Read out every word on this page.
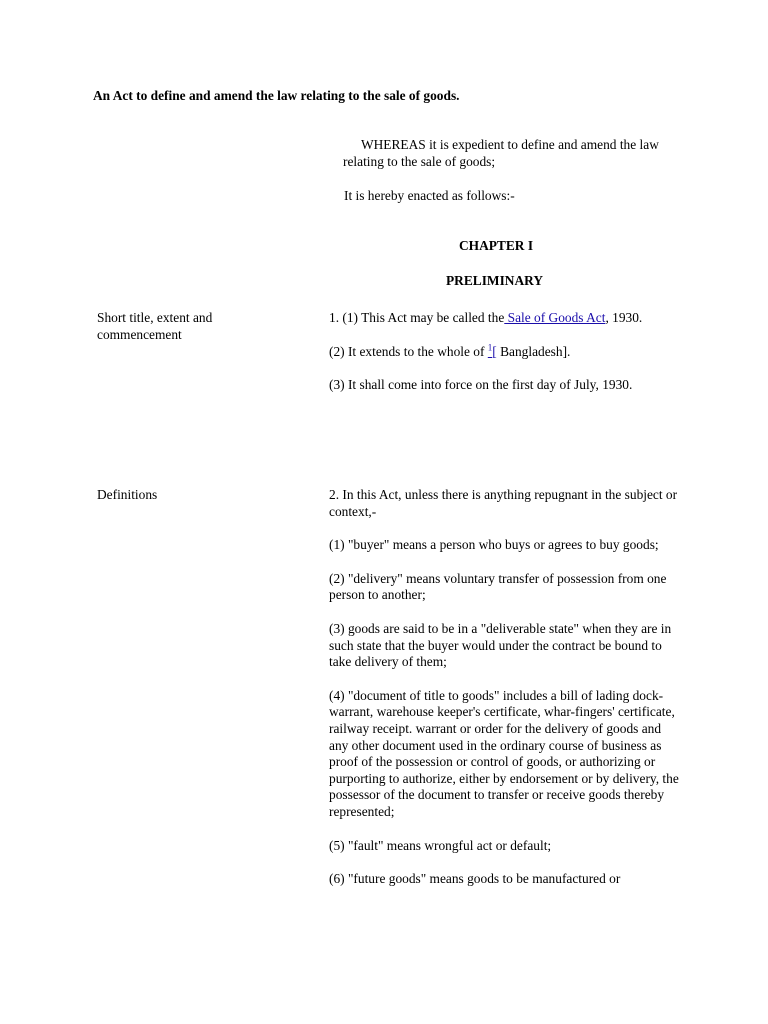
An Act to define and amend the law relating to the sale of goods.

WHEREAS it is expedient to define and amend the law relating to the sale of goods;

It is hereby enacted as follows:-

CHAPTER I

PRELIMINARY

Short title, extent and commencement

1. (1) This Act may be called the Sale of Goods Act, 1930.

(2) It extends to the whole of $^1$[ Bangladesh].

(3) It shall come into force on the first day of July, 1930.

Definitions	2. In this Act, unless there is anything repugnant in the subject or context,-

(1) "buyer" means a person who buys or agrees to buy goods;

(2) "delivery" means voluntary transfer of possession from one person to another;

(3) goods are said to be in a "deliverable state" when they are in such state that the buyer would under the contract be bound to take delivery of them;

(4) "document of title to goods" includes a bill of lading dock-warrant, warehouse keeper's certificate, whar-fingers' certificate, railway receipt. warrant or order for the delivery of goods and any other document used in the ordinary course of business as proof of the possession or control of goods, or authorizing or purporting to authorize, either by endorsement or by delivery, the possessor of the document to transfer or receive goods thereby represented;

(5) "fault" means wrongful act or default;

(6) "future goods" means goods to be manufactured or
